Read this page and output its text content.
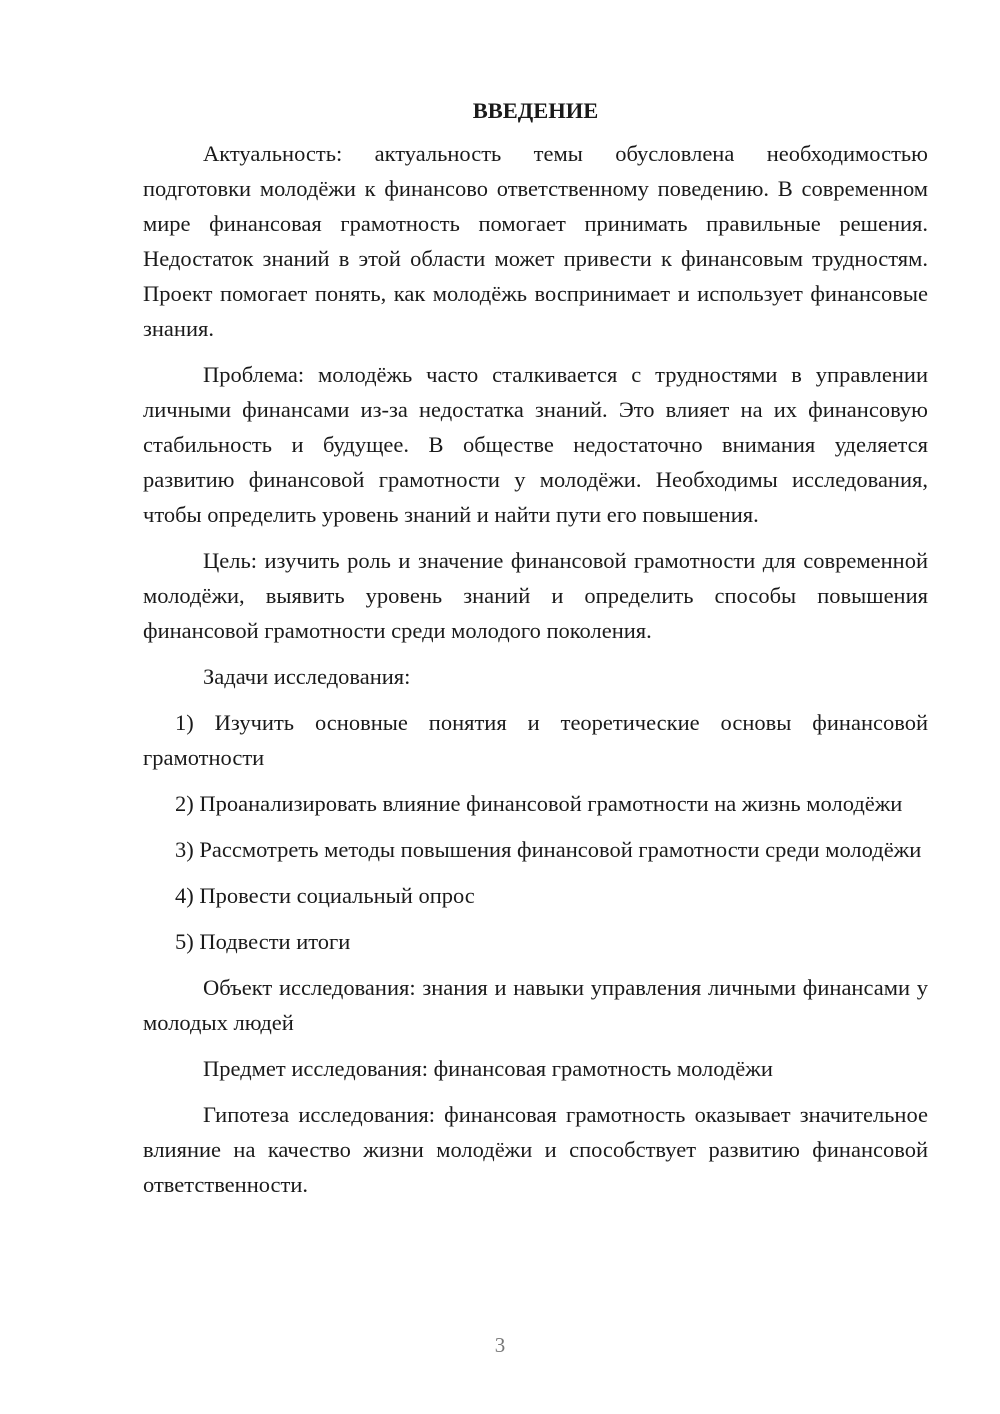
ВВЕДЕНИЕ

Актуальность: актуальность темы обусловлена необходимостью подготовки молодёжи к финансово ответственному поведению. В современном мире финансовая грамотность помогает принимать правильные решения. Недостаток знаний в этой области может привести к финансовым трудностям. Проект помогает понять, как молодёжь воспринимает и использует финансовые знания.

Проблема: молодёжь часто сталкивается с трудностями в управлении личными финансами из-за недостатка знаний. Это влияет на их финансовую стабильность и будущее. В обществе недостаточно внимания уделяется развитию финансовой грамотности у молодёжи. Необходимы исследования, чтобы определить уровень знаний и найти пути его повышения.

Цель: изучить роль и значение финансовой грамотности для современной молодёжи, выявить уровень знаний и определить способы повышения финансовой грамотности среди молодого поколения.

Задачи исследования:

1) Изучить основные понятия и теоретические основы финансовой грамотности

2) Проанализировать влияние финансовой грамотности на жизнь молодёжи

3) Рассмотреть методы повышения финансовой грамотности среди молодёжи

4) Провести социальный опрос

5) Подвести итоги

Объект исследования: знания и навыки управления личными финансами у молодых людей

Предмет исследования: финансовая грамотность молодёжи

Гипотеза исследования: финансовая грамотность оказывает значительное влияние на качество жизни молодёжи и способствует развитию финансовой ответственности.

3
